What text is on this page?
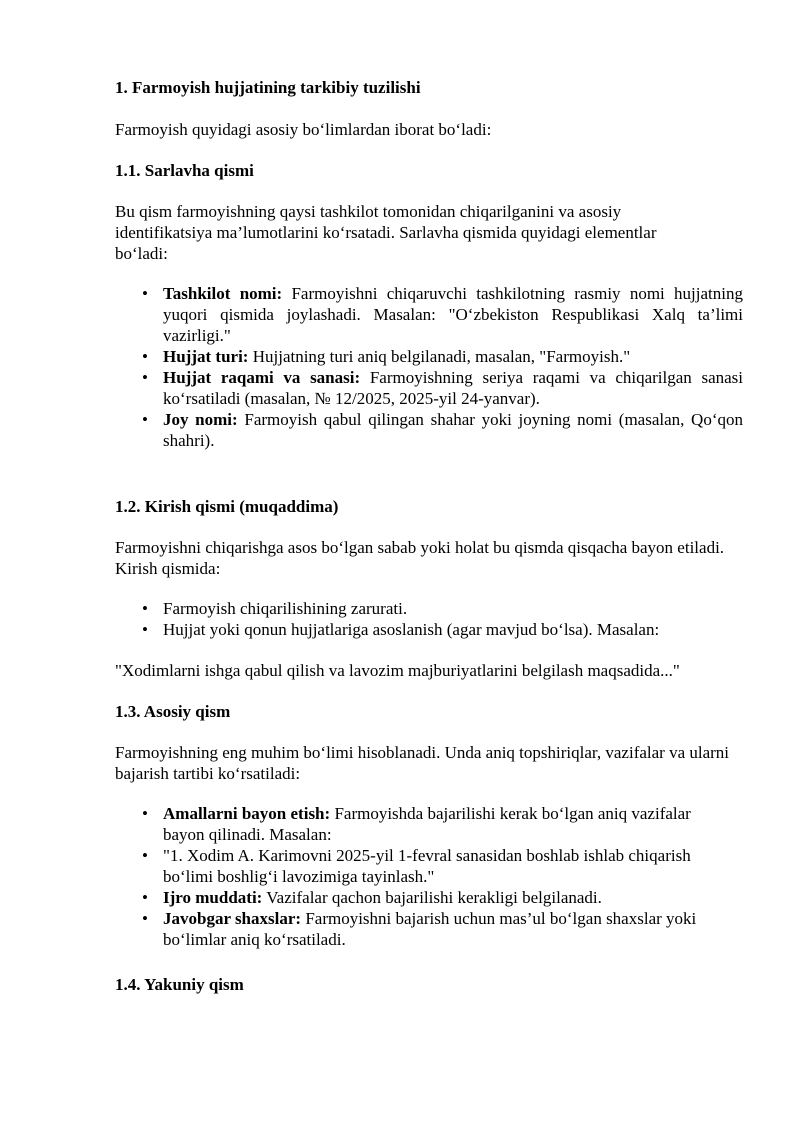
1. Farmoyish hujjatining tarkibiy tuzilishi

Farmoyish quyidagi asosiy bo‘limlardan iborat bo‘ladi:

1.1. Sarlavha qismi

Bu qism farmoyishning qaysi tashkilot tomonidan chiqarilganini va asosiy identifikatsiya ma’lumotlarini ko‘rsatadi. Sarlavha qismida quyidagi elementlar bo‘ladi:

• Tashkilot nomi: Farmoyishni chiqaruvchi tashkilotning rasmiy nomi hujjatning yuqori qismida joylashadi. Masalan: "O‘zbekiston Respublikasi Xalq ta’limi vazirligi."
• Hujjat turi: Hujjatning turi aniq belgilanadi, masalan, "Farmoyish."
• Hujjat raqami va sanasi: Farmoyishning seriya raqami va chiqarilgan sanasi ko‘rsatiladi (masalan, № 12/2025, 2025-yil 24-yanvar).
• Joy nomi: Farmoyish qabul qilingan shahar yoki joyning nomi (masalan, Qo‘qon shahri).
1.2. Kirish qismi (muqaddima)

Farmoyishni chiqarishga asos bo‘lgan sabab yoki holat bu qismda qisqacha bayon etiladi. Kirish qismida:

• Farmoyish chiqarilishining zarurati.
• Hujjat yoki qonun hujjatlariga asoslanish (agar mavjud bo‘lsa). Masalan:

"Xodimlarni ishga qabul qilish va lavozim majburiyatlarini belgilash maqsadida..."

1.3. Asosiy qism

Farmoyishning eng muhim bo‘limi hisoblanadi. Unda aniq topshiriqlar, vazifalar va ularni bajarish tartibi ko‘rsatiladi:

• Amallarni bayon etish: Farmoyishda bajarilishi kerak bo‘lgan aniq vazifalar bayon qilinadi. Masalan:
• "1. Xodim A. Karimovni 2025-yil 1-fevral sanasidan boshlab ishlab chiqarish bo‘limi boshlig‘i lavozimiga tayinlash."
• Ijro muddati: Vazifalar qachon bajarilishi kerakligi belgilanadi.
• Javobgar shaxslar: Farmoyishni bajarish uchun mas’ul bo‘lgan shaxslar yoki bo‘limlar aniq ko‘rsatiladi.
1.4. Yakuniy qism
